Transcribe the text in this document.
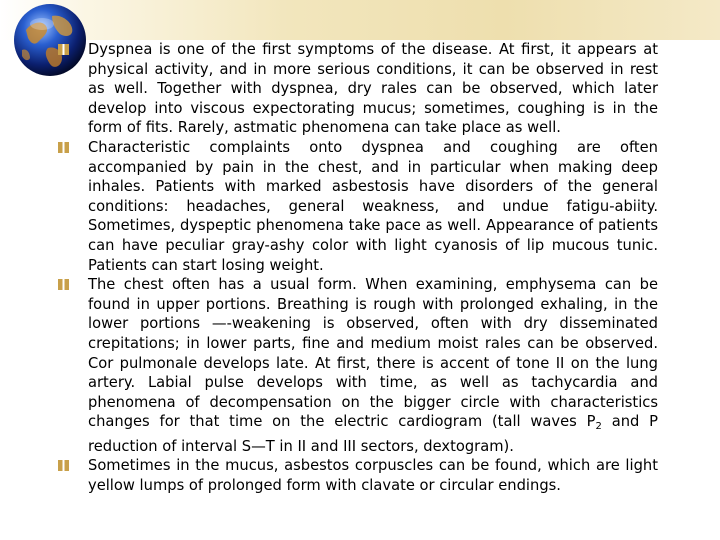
Dyspnea is one of the first symptoms of the disease. At first, it appears at physical activity, and in more serious conditions, it can be observed in rest as well. Together with dyspnea, dry rales can be observed, which later develop into viscous expectorating mucus; sometimes, coughing is in the form of fits. Rarely, astmatic phenomena can take place as well.
Characteristic complaints onto dyspnea and coughing are often accompanied by pain in the chest, and in particular when making deep inhales. Patients with marked asbestosis have disorders of the general conditions: headaches, general weakness, and undue fatigu-abiity. Sometimes, dyspeptic phenomena take pace as well. Appearance of patients can have peculiar gray-ashy color with light cyanosis of lip mucous tunic. Patients can start losing weight.
The chest often has a usual form. When examining, emphysema can be found in upper portions. Breathing is rough with prolonged exhaling, in the lower portions —-weakening is observed, often with dry disseminated crepitations; in lower parts, fine and medium moist rales can be observed. Cor pulmonale develops late. At first, there is accent of tone II on the lung artery. Labial pulse develops with time, as well as tachycardia and phenomena of decompensation on the bigger circle with characteristics changes for that time on the electric cardiogram (tall waves $P_2$ and P reduction of interval S—T in II and III sectors, dextogram).
Sometimes in the mucus, asbestos corpuscles can be found, which are light yellow lumps of prolonged form with clavate or circular endings.
